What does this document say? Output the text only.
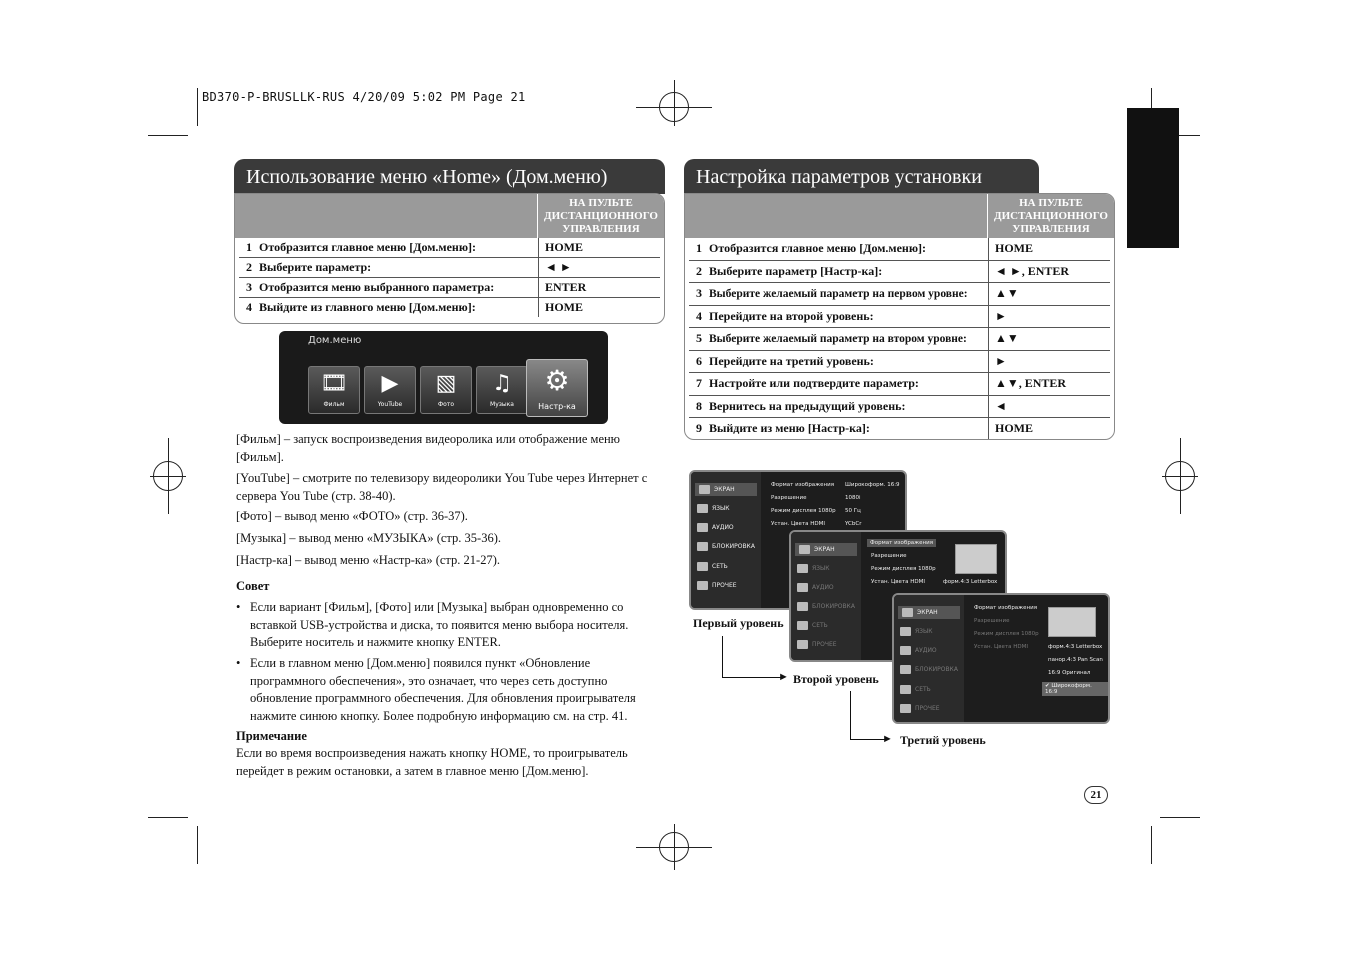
BD370-P-BRUSLLK-RUS 4/20/09 5:02 PM Page 21
Использование меню «Home» (Дом.меню)
НА ПУЛЬТЕ
ДИСТАНЦИОННОГО
УПРАВЛЕНИЯ
1 Отобразится главное меню [Дом.меню]:	HOME
2 Выберите параметр:	◄ ►
3 Отобразится меню выбранного параметра:	ENTER
4 Выйдите из главного меню [Дом.меню]:	HOME
Дом.меню
🎞
Фильм
▶
YouTube
▧
Фото
♫
Музыка
⚙
Настр-ка
[Фильм] – запуск воспроизведения видеоролика или отображение меню [Фильм].
[YouTube] – смотрите по телевизору видеоролики You Tube через Интернет с сервера You Tube (стр. 38-40).
[Фото] – вывод меню «ФОТО» (стр. 36-37).
[Музыка] – вывод меню «МУЗЫКА» (стр. 35-36).
[Настр-ка] – вывод меню «Настр-ка» (стр. 21-27).
Совет
• Если вариант [Фильм], [Фото] или [Музыка] выбран одновременно со вставкой USB-устройства и диска, то появится меню выбора носителя. Выберите носитель и нажмите кнопку ENTER.
• Если в главном меню [Дом.меню] появился пункт «Обновление программного обеспечения», это означает, что через сеть доступно обновление программного обеспечения. Для обновления проигрывателя нажмите синюю кнопку. Более подробную информацию см. на стр. 41.
Примечание
Если во время воспроизведения нажать кнопку HOME, то проигрыватель перейдет в режим остановки, а затем в главное меню [Дом.меню].
Настройка параметров установки
НА ПУЛЬТЕ
ДИСТАНЦИОННОГО
УПРАВЛЕНИЯ
1 Отобразится главное меню [Дом.меню]:	HOME
2 Выберите параметр [Настр-ка]:	◄ ►, ENTER
3 Выберите желаемый параметр на первом уровне:	▲▼
4 Перейдите на второй уровень:	►
5 Выберите желаемый параметр на втором уровне:	▲▼
6 Перейдите на третий уровень:	►
7 Настройте или подтвердите параметр:	▲▼, ENTER
8 Вернитесь на предыдущий уровень:	◄
9 Выйдите из меню [Настр-ка]:	HOME
ЭКРАН
ЯЗЫК
АУДИО
БЛОКИРОВКА
СЕТЬ
ПРОЧЕЕ
Формат изображения Широкоформ. 16:9
Разрешение	1080i
Режим дисплея 1080p 50 Гц
Устан. Цвета HDMI	YCbCr
ЭКРАН
ЯЗЫК
АУДИО
БЛОКИРОВКА
СЕТЬ
ПРОЧЕЕ
Формат изображения
Разрешение
Режим дисплея 1080p
Устан. Цвета HDMI	форм.4:3 Letterbox
ЭКРАН
ЯЗЫК
АУДИО
БЛОКИРОВКА
СЕТЬ
ПРОЧЕЕ
Формат изображения
Разрешение
Режим дисплея 1080p
Устан. Цвета HDMI	форм.4:3 Letterbox
панор.4:3 Pan Scan
16:9 Оригинал
✔ Широкоформ. 16:9
Первый уровень
► Второй уровень
► Третий уровень
21
